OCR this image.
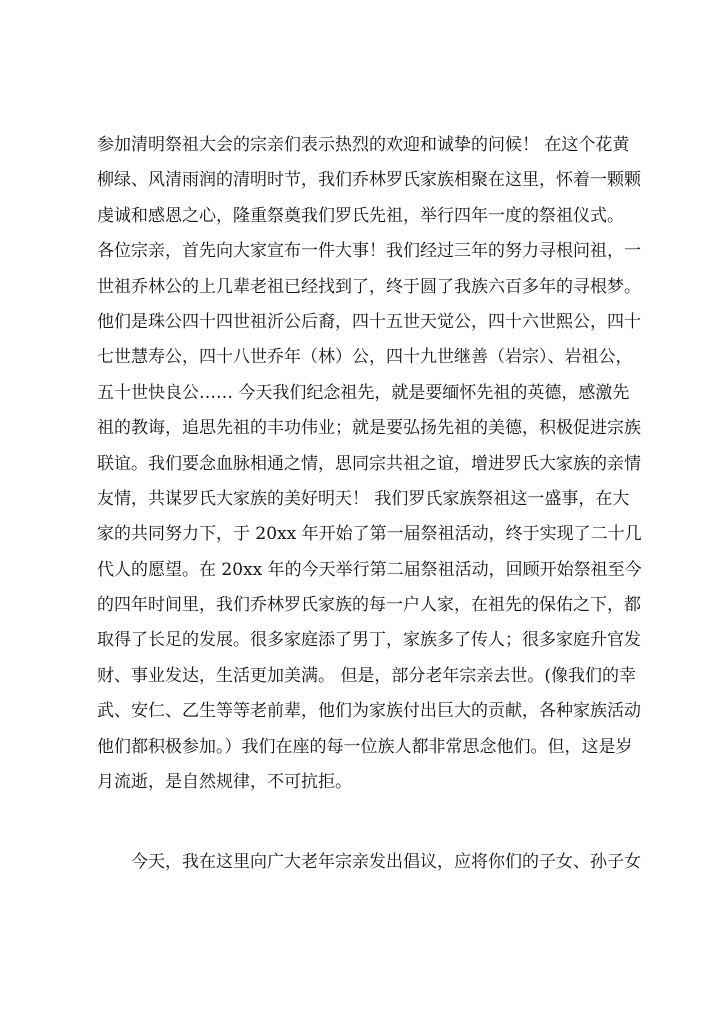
参加清明祭祖大会的宗亲们表示热烈的欢迎和诚挚的问候！ 在这个花黄
柳绿、风清雨润的清明时节，我们乔林罗氏家族相聚在这里，怀着一颗颗
虔诚和感恩之心，隆重祭奠我们罗氏先祖，举行四年一度的祭祖仪式。
各位宗亲，首先向大家宣布一件大事！我们经过三年的努力寻根问祖，一
世祖乔林公的上几辈老祖已经找到了，终于圆了我族六百多年的寻根梦。
他们是珠公四十四世祖沂公后裔，四十五世天觉公，四十六世熙公，四十
七世慧寿公，四十八世乔年（林）公，四十九世继善（岩宗）、岩祖公，
五十世快良公…… 今天我们纪念祖先，就是要缅怀先祖的英德，感激先
祖的教诲，追思先祖的丰功伟业；就是要弘扬先祖的美德，积极促进宗族
联谊。我们要念血脉相通之情，思同宗共祖之谊，增进罗氏大家族的亲情
友情，共谋罗氏大家族的美好明天！ 我们罗氏家族祭祖这一盛事，在大
家的共同努力下，于 20xx 年开始了第一届祭祖活动，终于实现了二十几
代人的愿望。在 20xx 年的今天举行第二届祭祖活动，回顾开始祭祖至今
的四年时间里，我们乔林罗氏家族的每一户人家，在祖先的保佑之下，都
取得了长足的发展。很多家庭添了男丁，家族多了传人；很多家庭升官发
财、事业发达，生活更加美满。 但是，部分老年宗亲去世。(像我们的幸
武、安仁、乙生等等老前辈，他们为家族付出巨大的贡献，各种家族活动
他们都积极参加。）我们在座的每一位族人都非常思念他们。但，这是岁
月流逝，是自然规律，不可抗拒。
今天，我在这里向广大老年宗亲发出倡议，应将你们的子女、孙子女
